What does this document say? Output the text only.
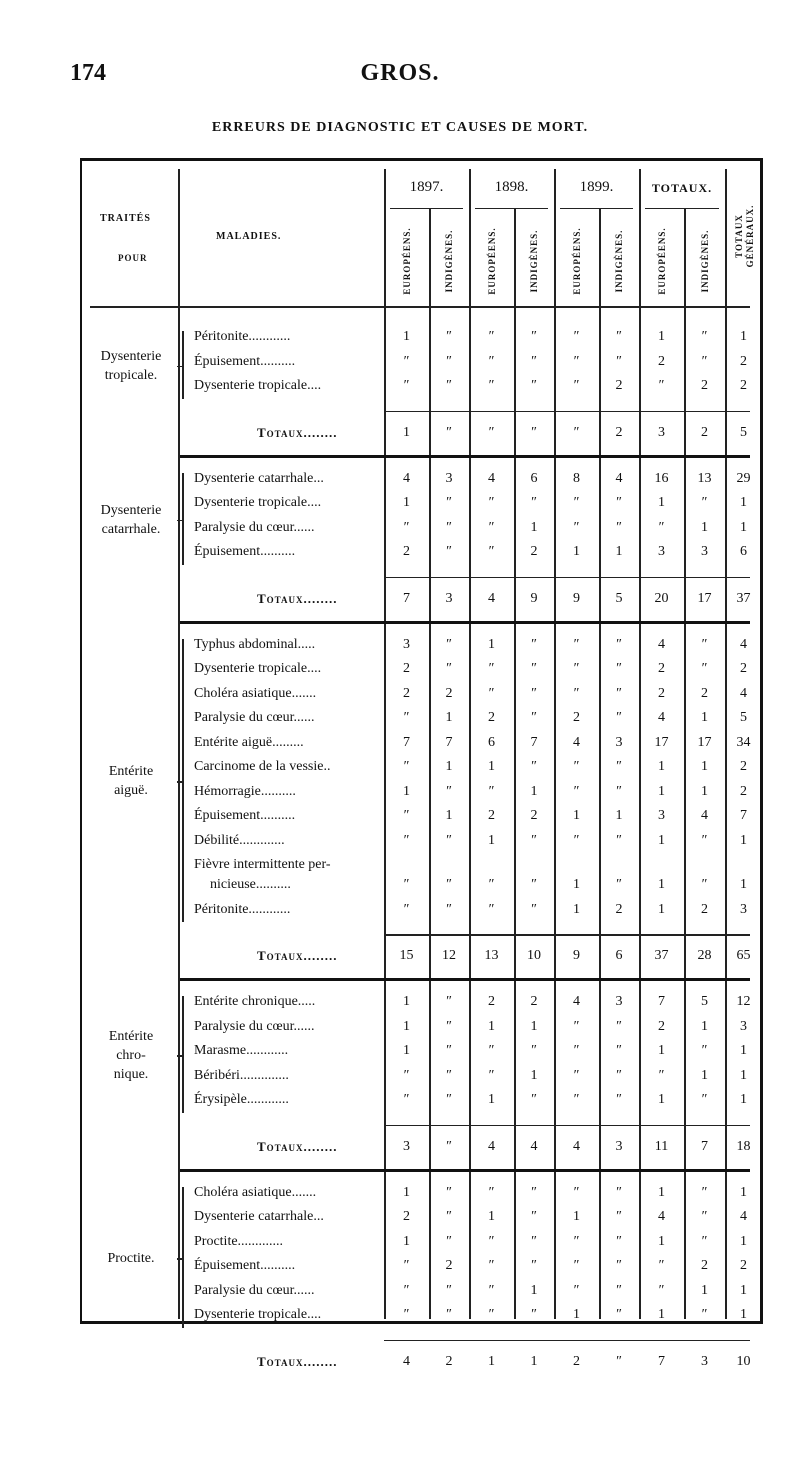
174	GROS.
ERREURS DE DIAGNOSTIC ET CAUSES DE MORT.
TRAITÉS
POUR
MALADIES.
1897.	1898.	1899.	TOTAUX.
EUROPÉENS.	INDIGÈNES.	EUROPÉENS.	INDIGÈNES.	EUROPÉENS.	INDIGÈNES.	EUROPÉENS.	INDIGÈNES.	TOTAUX GÉNÉRAUX.
Péritonite............	1	″	″	″	″	″	1	″	1
Épuisement..........	″	″	″	″	″	″	2	″	2
Dysenterie tropicale....	″	″	″	″	″	2	″	2	2
Dysenterie
tropicale.
Totaux........	1	″	″	″	″	2	3	2	5
Dysenterie catarrhale...	4	3	4	6	8	4	16	13	29
Dysenterie tropicale....	1	″	″	″	″	″	1	″	1
Paralysie du cœur......	″	″	″	1	″	″	″	1	1
Épuisement..........	2	″	″	2	1	1	3	3	6
Dysenterie
catarrhale.
Totaux........	7	3	4	9	9	5	20	17	37
Typhus abdominal.....	3	″	1	″	″	″	4	″	4
Dysenterie tropicale....	2	″	″	″	″	″	2	″	2
Choléra asiatique.......	2	2	″	″	″	″	2	2	4
Paralysie du cœur......	″	1	2	″	2	″	4	1	5
Entérite aiguë.........	7	7	6	7	4	3	17	17	34
Carcinome de la vessie..	″	1	1	″	″	″	1	1	2
Hémorragie..........	1	″	″	1	″	″	1	1	2
Épuisement..........	″	1	2	2	1	1	3	4	7
Débilité.............	″	″	1	″	″	″	1	″	1
Fièvre intermittente per-
nicieuse..........	″	″	″	″	1	″	1	″	1
Péritonite............	″	″	″	″	1	2	1	2	3
Entérite
aiguë.
Totaux........	15	12	13	10	9	6	37	28	65
Entérite chronique.....	1	″	2	2	4	3	7	5	12
Paralysie du cœur......	1	″	1	1	″	″	2	1	3
Marasme............	1	″	″	″	″	″	1	″	1
Béribéri..............	″	″	″	1	″	″	″	1	1
Érysipèle............	″	″	1	″	″	″	1	″	1
Entérite
chro-
nique.
Totaux........	3	″	4	4	4	3	11	7	18
Choléra asiatique.......	1	″	″	″	″	″	1	″	1
Dysenterie catarrhale...	2	″	1	″	1	″	4	″	4
Proctite.............	1	″	″	″	″	″	1	″	1
Épuisement..........	″	2	″	″	″	″	″	2	2
Paralysie du cœur......	″	″	″	1	″	″	″	1	1
Dysenterie tropicale....	″	″	″	″	1	″	1	″	1
Proctite.
Totaux........	4	2	1	1	2	″	7	3	10
